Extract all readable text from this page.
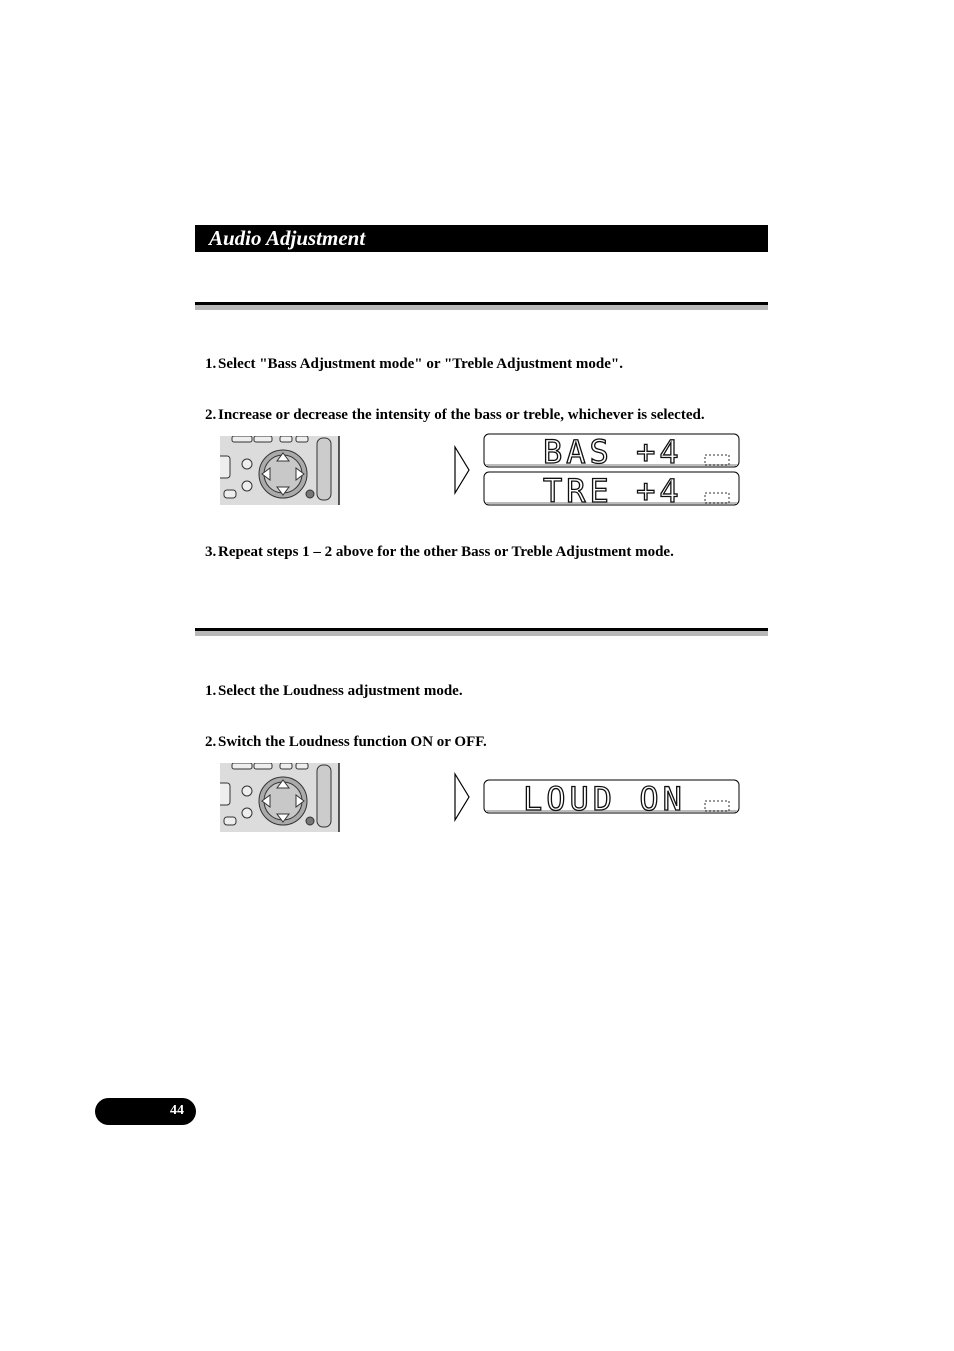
Audio Adjustment
1. Select "Bass Adjustment mode" or "Treble Adjustment mode".
2. Increase or decrease the intensity of the bass or treble, whichever is selected.
BAS +4
TRE +4
3. Repeat steps 1 – 2 above for the other Bass or Treble Adjustment mode.
1. Select the Loudness adjustment mode.
2. Switch the Loudness function ON or OFF.
LOUD ON
44
